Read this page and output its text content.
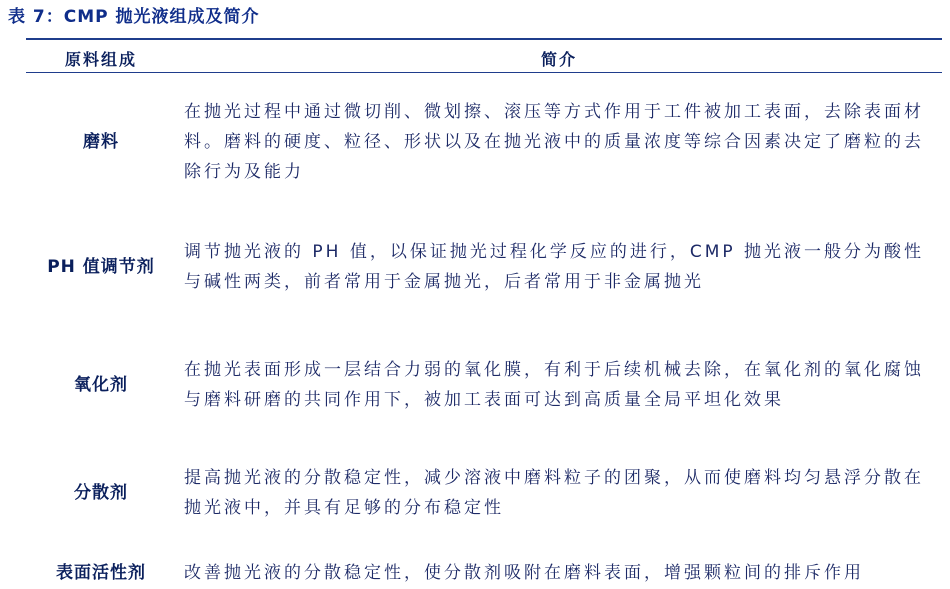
表 7：CMP 抛光液组成及简介
原料组成	简介
磨料
在抛光过程中通过微切削、微划擦、滚压等方式作用于工件被加工表面，去除表面材料。磨料的硬度、粒径、形状以及在抛光液中的质量浓度等综合因素决定了磨粒的去除行为及能力
PH 值调节剂
调节抛光液的 PH 值，以保证抛光过程化学反应的进行，CMP 抛光液一般分为酸性与碱性两类，前者常用于金属抛光，后者常用于非金属抛光
氧化剂
在抛光表面形成一层结合力弱的氧化膜，有利于后续机械去除，在氧化剂的氧化腐蚀与磨料研磨的共同作用下，被加工表面可达到高质量全局平坦化效果
分散剂
提高抛光液的分散稳定性，减少溶液中磨料粒子的团聚，从而使磨料均匀悬浮分散在抛光液中，并具有足够的分布稳定性
表面活性剂	改善抛光液的分散稳定性，使分散剂吸附在磨料表面，增强颗粒间的排斥作用
